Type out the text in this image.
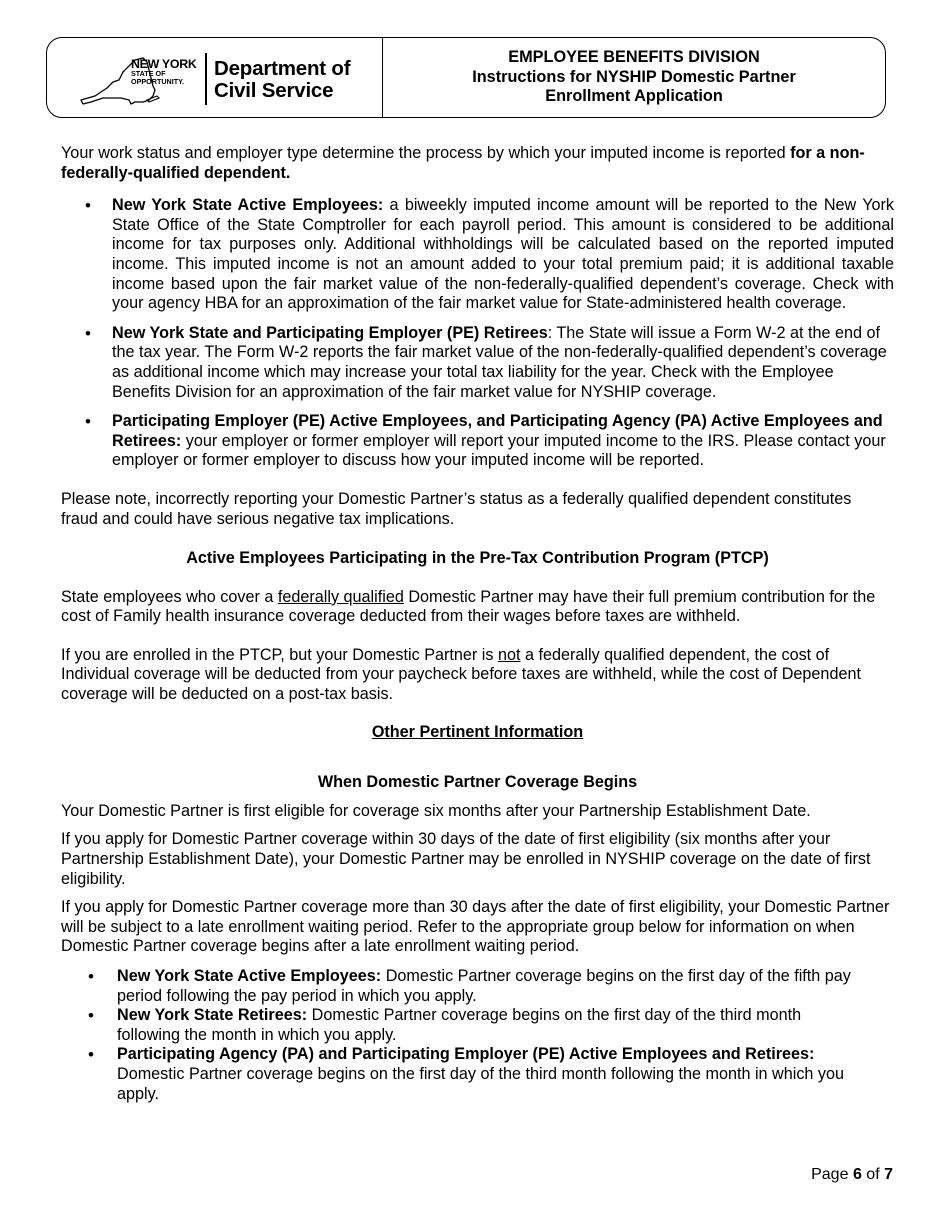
NEW YORK
STATE OF
OPPORTUNITY.
Department of
Civil Service
EMPLOYEE BENEFITS DIVISION
Instructions for NYSHIP Domestic Partner
Enrollment Application

Your work status and employer type determine the process by which your imputed income is reported for a non-federally-qualified dependent.

• New York State Active Employees: a biweekly imputed income amount will be reported to the New York State Office of the State Comptroller for each payroll period. This amount is considered to be additional income for tax purposes only. Additional withholdings will be calculated based on the reported imputed income. This imputed income is not an amount added to your total premium paid; it is additional taxable income based upon the fair market value of the non-federally-qualified dependent’s coverage. Check with your agency HBA for an approximation of the fair market value for State-administered health coverage.
• New York State and Participating Employer (PE) Retirees: The State will issue a Form W-2 at the end of the tax year. The Form W-2 reports the fair market value of the non-federally-qualified dependent’s coverage as additional income which may increase your total tax liability for the year. Check with the Employee Benefits Division for an approximation of the fair market value for NYSHIP coverage.
• Participating Employer (PE) Active Employees, and Participating Agency (PA) Active Employees and Retirees: your employer or former employer will report your imputed income to the IRS. Please contact your employer or former employer to discuss how your imputed income will be reported.

Please note, incorrectly reporting your Domestic Partner’s status as a federally qualified dependent constitutes fraud and could have serious negative tax implications.

Active Employees Participating in the Pre-Tax Contribution Program (PTCP)

State employees who cover a federally qualified Domestic Partner may have their full premium contribution for the cost of Family health insurance coverage deducted from their wages before taxes are withheld.

If you are enrolled in the PTCP, but your Domestic Partner is not a federally qualified dependent, the cost of Individual coverage will be deducted from your paycheck before taxes are withheld, while the cost of Dependent coverage will be deducted on a post-tax basis.

Other Pertinent Information

When Domestic Partner Coverage Begins

Your Domestic Partner is first eligible for coverage six months after your Partnership Establishment Date.

If you apply for Domestic Partner coverage within 30 days of the date of first eligibility (six months after your Partnership Establishment Date), your Domestic Partner may be enrolled in NYSHIP coverage on the date of first eligibility.

If you apply for Domestic Partner coverage more than 30 days after the date of first eligibility, your Domestic Partner will be subject to a late enrollment waiting period. Refer to the appropriate group below for information on when Domestic Partner coverage begins after a late enrollment waiting period.

• New York State Active Employees: Domestic Partner coverage begins on the first day of the fifth pay period following the pay period in which you apply.
• New York State Retirees: Domestic Partner coverage begins on the first day of the third month following the month in which you apply.
• Participating Agency (PA) and Participating Employer (PE) Active Employees and Retirees: Domestic Partner coverage begins on the first day of the third month following the month in which you apply.
Page 6 of 7
